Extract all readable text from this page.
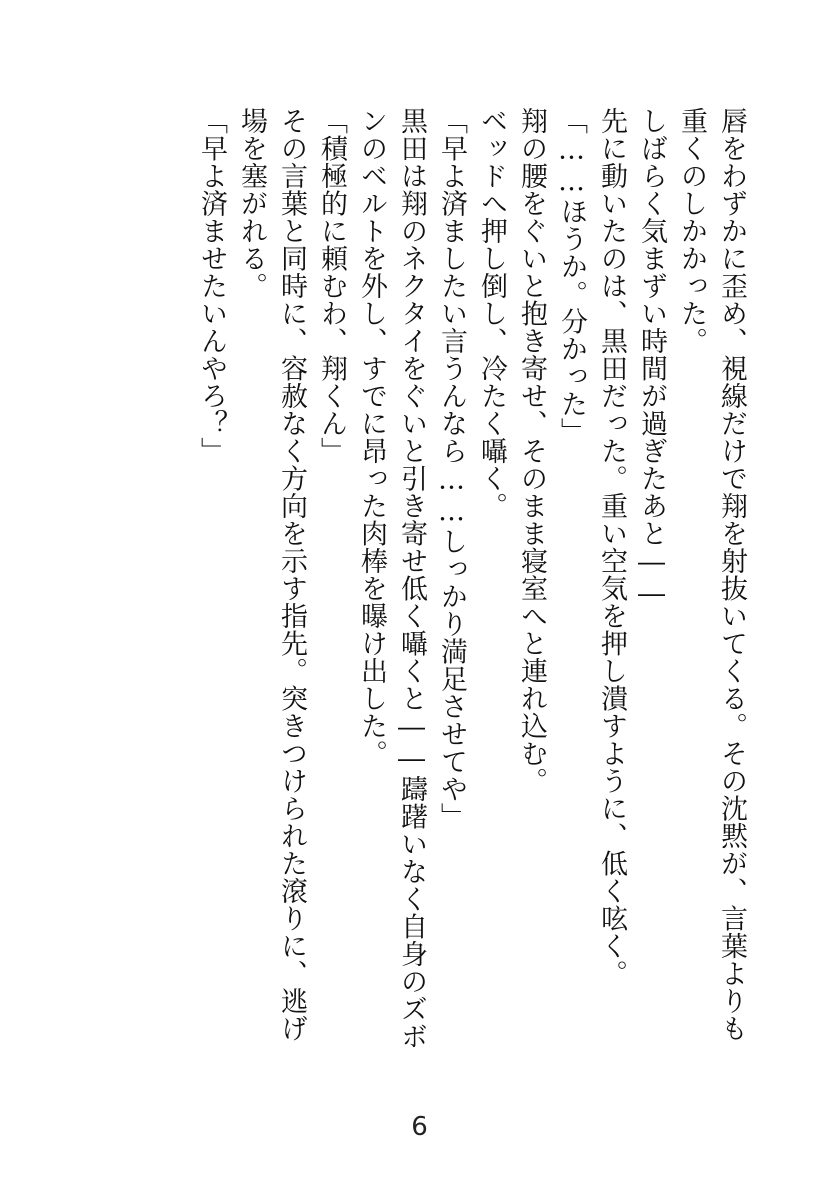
唇をわずかに歪め、視線だけで翔を射抜いてくる。その沈黙が、言葉よりも重くのしかかった。

しばらく気まずい時間が過ぎたあと――

先に動いたのは、黒田だった。重い空気を押し潰すように、低く呟く。

「……ほうか。分かった」

翔の腰をぐいと抱き寄せ、そのまま寝室へと連れ込む。

ベッドへ押し倒し、冷たく囁く。

「早よ済ましたい言うんなら……しっかり満足させてや」

黒田は翔のネクタイをぐいと引き寄せ低く囁くと――躊躇いなく自身のズボンのベルトを外し、すでに昂った肉棒を曝け出した。

「積極的に頼むわ、翔くん」

その言葉と同時に、容赦なく方向を示す指先。突きつけられた滾りに、逃げ場を塞がれる。

「早よ済ませたいんやろ？」

6
